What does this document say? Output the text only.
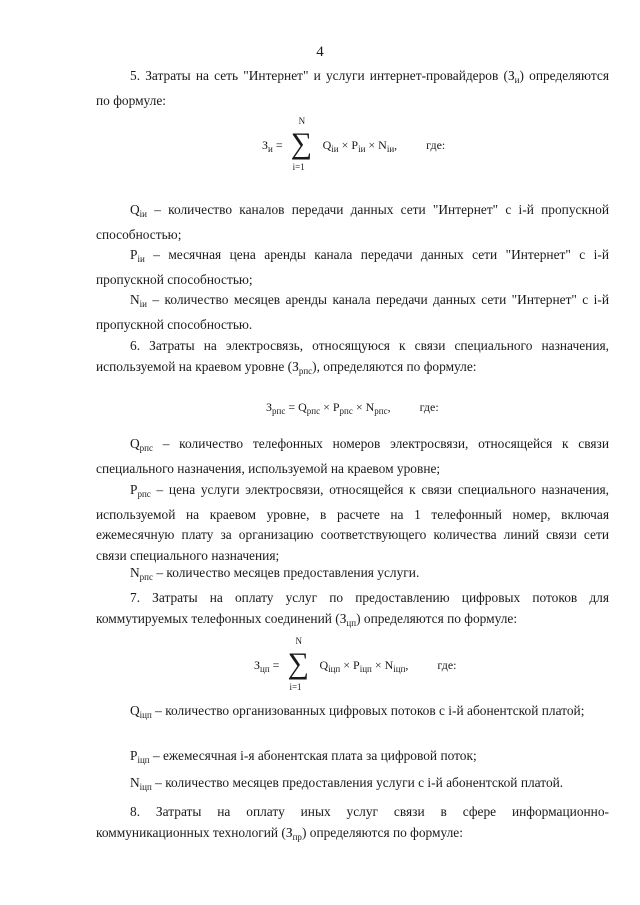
4
5. Затраты на сеть "Интернет" и услуги интернет-провайдеров $(З_и)$ определяются по формуле:
$З_и$ =
N
∑
i=1
$Q_{iи} \times P_{iи} \times N_{iи}$, где:
$Q_{iи}$ – количество каналов передачи данных сети "Интернет" с i-й пропускной способностью;
$P_{iи}$ – месячная цена аренды канала передачи данных сети "Интернет" с i-й пропускной способностью;
$N_{iи}$ – количество месяцев аренды канала передачи данных сети "Интернет" с i-й пропускной способностью.
6. Затраты на электросвязь, относящуюся к связи специального назначения, используемой на краевом уровне $(З_{рпс})$, определяются по формуле:
$З_{рпс} = Q_{рпс} \times P_{рпс} \times N_{рпс}$, где:
$Q_{рпс}$ – количество телефонных номеров электросвязи, относящейся к связи специального назначения, используемой на краевом уровне;
$P_{рпс}$ – цена услуги электросвязи, относящейся к связи специального назначения, используемой на краевом уровне, в расчете на 1 телефонный номер, включая ежемесячную плату за организацию соответствующего количества линий связи сети связи специального назначения;
$N_{рпс}$ – количество месяцев предоставления услуги.
7. Затраты на оплату услуг по предоставлению цифровых потоков для коммутируемых телефонных соединений $(З_{цп})$ определяются по формуле:
$З_{цп}$ =
N
∑
i=1
$Q_{iцп} \times P_{iцп} \times N_{iцп}$, где:
$Q_{iцп}$ – количество организованных цифровых потоков с i-й абонентской платой;
$P_{iцп}$ – ежемесячная i-я абонентская плата за цифровой поток;
$N_{iцп}$ – количество месяцев предоставления услуги с i-й абонентской платой.
8. Затраты на оплату иных услуг связи в сфере информационно-коммуникационных технологий $(З_{пр})$ определяются по формуле:
